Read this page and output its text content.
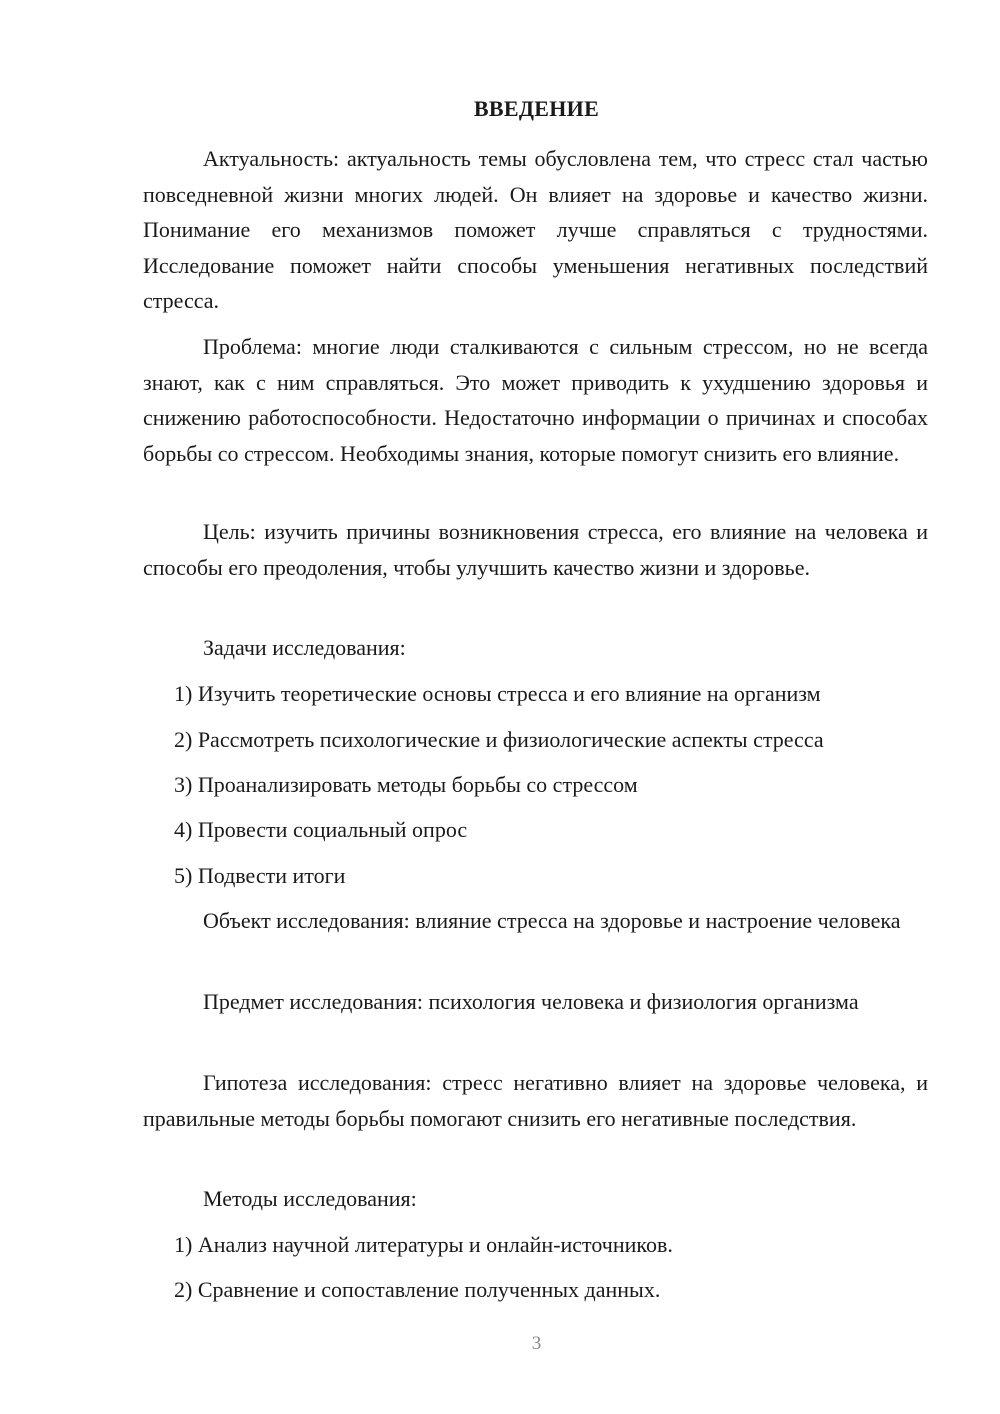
ВВЕДЕНИЕ

Актуальность: актуальность темы обусловлена тем, что стресс стал частью повседневной жизни многих людей. Он влияет на здоровье и качество жизни. Понимание его механизмов поможет лучше справляться с трудностями. Исследование поможет найти способы уменьшения негативных последствий стресса.

Проблема: многие люди сталкиваются с сильным стрессом, но не всегда знают, как с ним справляться. Это может приводить к ухудшению здоровья и снижению работоспособности. Недостаточно информации о причинах и способах борьбы со стрессом. Необходимы знания, которые помогут снизить его влияние.

Цель: изучить причины возникновения стресса, его влияние на человека и способы его преодоления, чтобы улучшить качество жизни и здоровье.

Задачи исследования:

1) Изучить теоретические основы стресса и его влияние на организм

2) Рассмотреть психологические и физиологические аспекты стресса

3) Проанализировать методы борьбы со стрессом

4) Провести социальный опрос

5) Подвести итоги

Объект исследования: влияние стресса на здоровье и настроение человека

Предмет исследования: психология человека и физиология организма

Гипотеза исследования: стресс негативно влияет на здоровье человека, и правильные методы борьбы помогают снизить его негативные последствия.

Методы исследования:

1) Анализ научной литературы и онлайн-источников.

2) Сравнение и сопоставление полученных данных.

3
